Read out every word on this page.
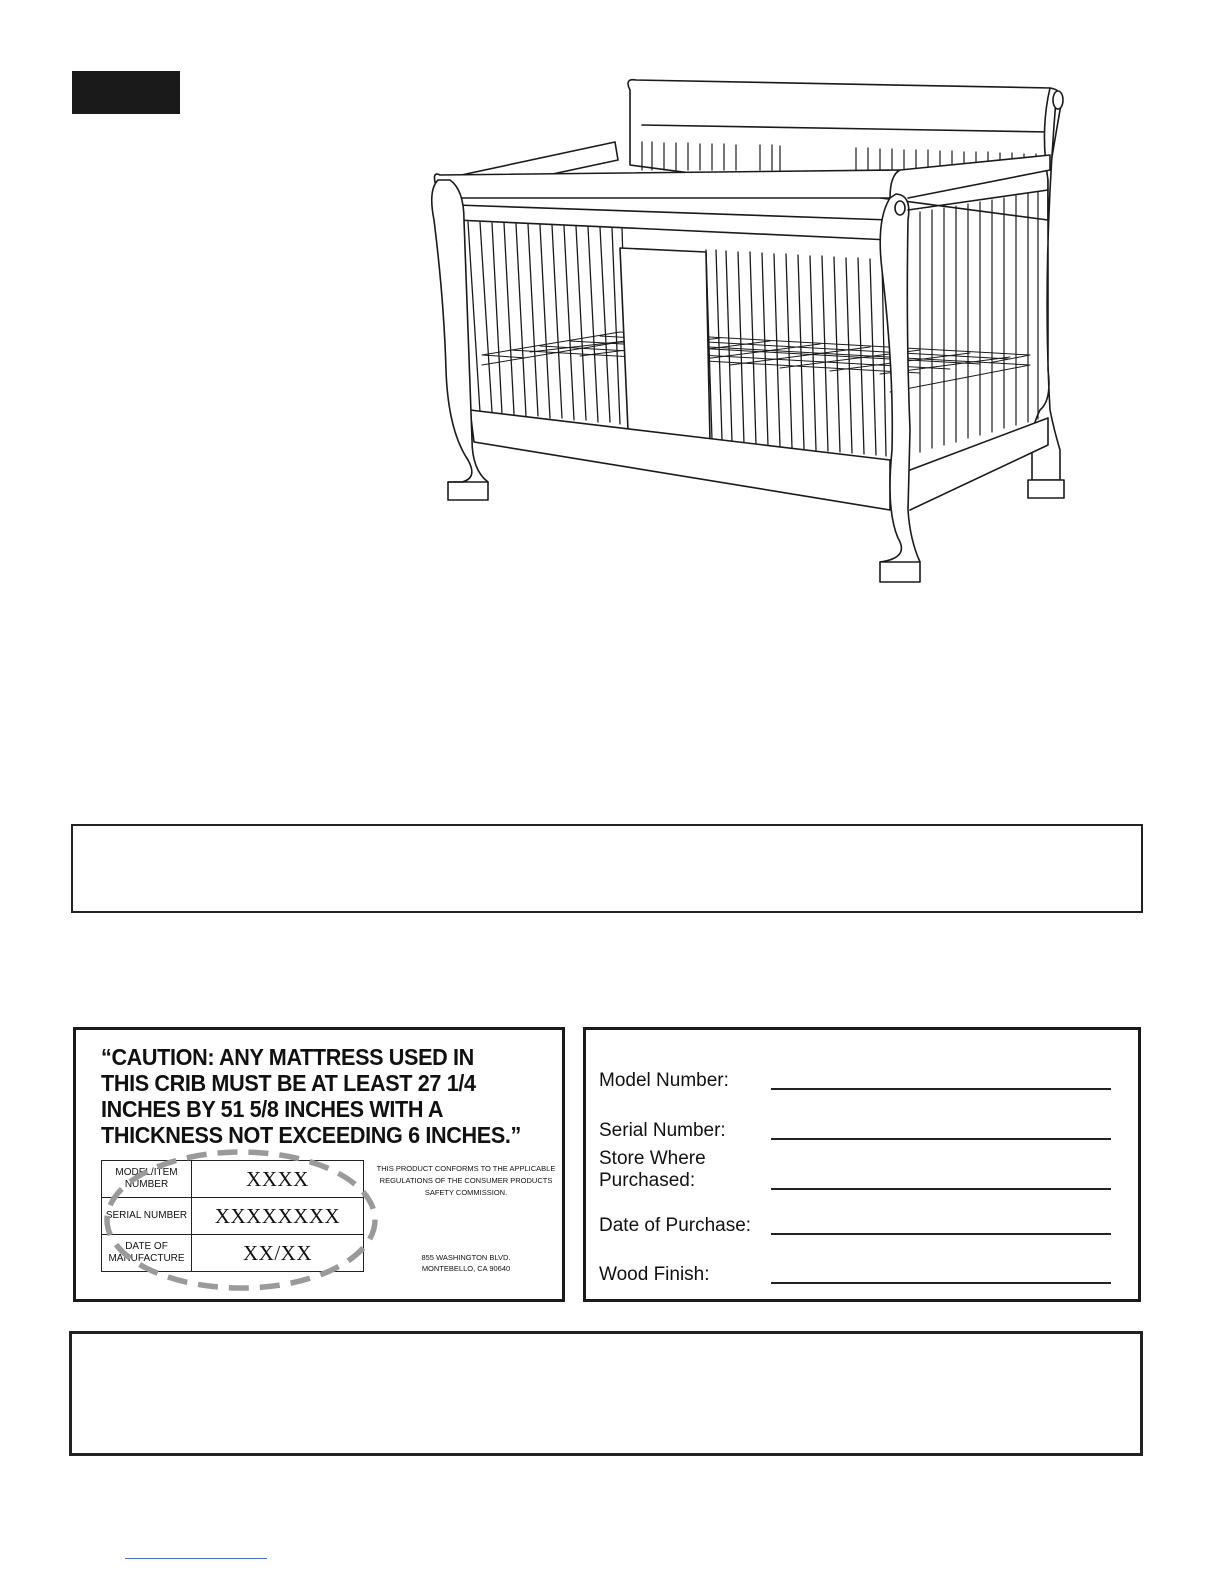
“CAUTION: ANY MATTRESS USED IN THIS CRIB MUST BE AT LEAST 27 1/4 INCHES BY 51 5/8 INCHES WITH A THICKNESS NOT EXCEEDING 6 INCHES.”

MODEL/ITEM NUMBER	XXXX
SERIAL NUMBER	XXXXXXXX
DATE OF MANUFACTURE	XX/XX
THIS PRODUCT CONFORMS TO THE APPLICABLE REGULATIONS OF THE CONSUMER PRODUCTS SAFETY COMMISSION.
855 WASHINGTON BLVD.
MONTEBELLO, CA 90640
Model Number:
Serial Number:
Store Where
Purchased:
Date of Purchase:
Wood Finish:
